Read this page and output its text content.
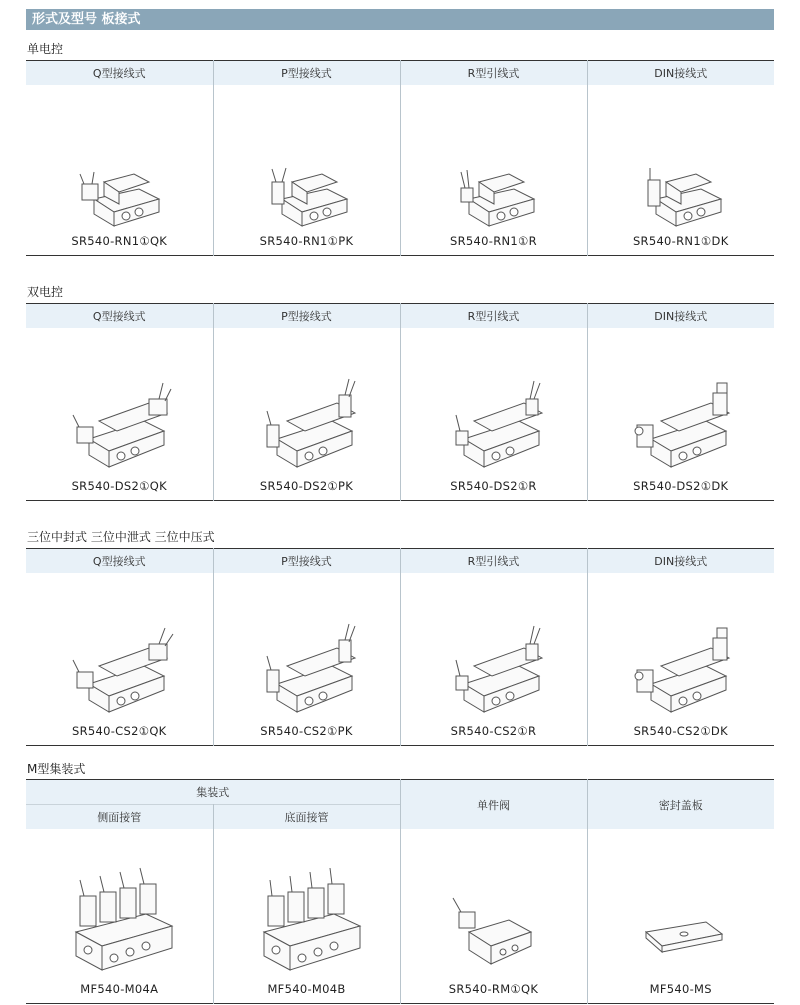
形式及型号 板接式
单电控
Q型接线式	P型接线式	R型引线式	DIN接线式

SR540-RN1①QK	SR540-RN1①PK	SR540-RN1①R	SR540-RN1①DK
双电控
Q型接线式	P型接线式	R型引线式	DIN接线式

SR540-DS2①QK	SR540-DS2①PK	SR540-DS2①R	SR540-DS2①DK
三位中封式 三位中泄式 三位中压式
Q型接线式	P型接线式	R型引线式	DIN接线式

SR540-CS2①QK	SR540-CS2①PK	SR540-CS2①R	SR540-CS2①DK
M型集装式
集装式		单件阀	密封盖板
侧面接管	底面接管		

MF540-M04A	MF540-M04B	SR540-RM①QK	MF540-MS
